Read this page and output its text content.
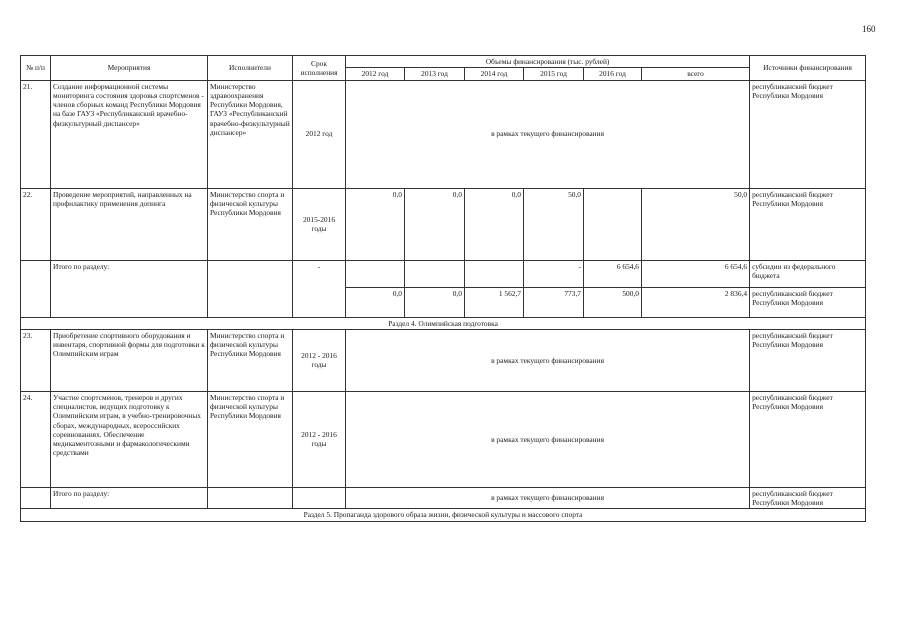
160
№ п/п	Мероприятия	Исполнители	Срок исполнения	Объемы финансирования (тыс. рублей)						Источники финансирования
				2012 год	2013 год	2014 год	2015 год	2016 год	всего	
21.	Создание информационной системы мониторинга состояния здоровья спортсменов - членов сборных команд Республики Мордовия на базе ГАУЗ «Республиканский врачебно-физкультурный диспансер»	Министерство здравоохранения Республики Мордовия, ГАУЗ «Республиканский врачебно-физкультурный диспансер»	2012 год	в рамках текущего финансирования						республиканский бюджет Республики Мордовия
22.	Проведение мероприятий, направленных на профилактику применения допинга	Министерство спорта и физической культуры Республики Мордовия	2015-2016 годы	0,0	0,0	0,0	50,0		50,0	республиканский бюджет Республики Мордовия
	Итого по разделу:		-				-	6 654,6	6 654,6	субсидии из федерального бюджета
				0,0	0,0	1 562,7	773,7	500,0	2 836,4	республиканский бюджет Республики Мордовия
Раздел 4. Олимпийская подготовка										
23.	Приобретение спортивного оборудования и инвентаря, спортивной формы для подготовки к Олимпийским играм	Министерство спорта и физической культуры Республики Мордовия	2012 - 2016 годы	в рамках текущего финансирования						республиканский бюджет Республики Мордовия
24.	Участие спортсменов, тренеров и других специалистов, ведущих подготовку к Олимпийским играм, в учебно-тренировочных сборах, международных, всероссийских соревнованиях. Обеспечение медикаментозными и фармакологическими средствами	Министерство спорта и физической культуры Республики Мордовия	2012 - 2016 годы	в рамках текущего финансирования						республиканский бюджет Республики Мордовия
	Итого по разделу:			в рамках текущего финансирования						республиканский бюджет Республики Мордовия
Раздел 5. Пропаганда здорового образа жизни, физической культуры и массового спорта										
